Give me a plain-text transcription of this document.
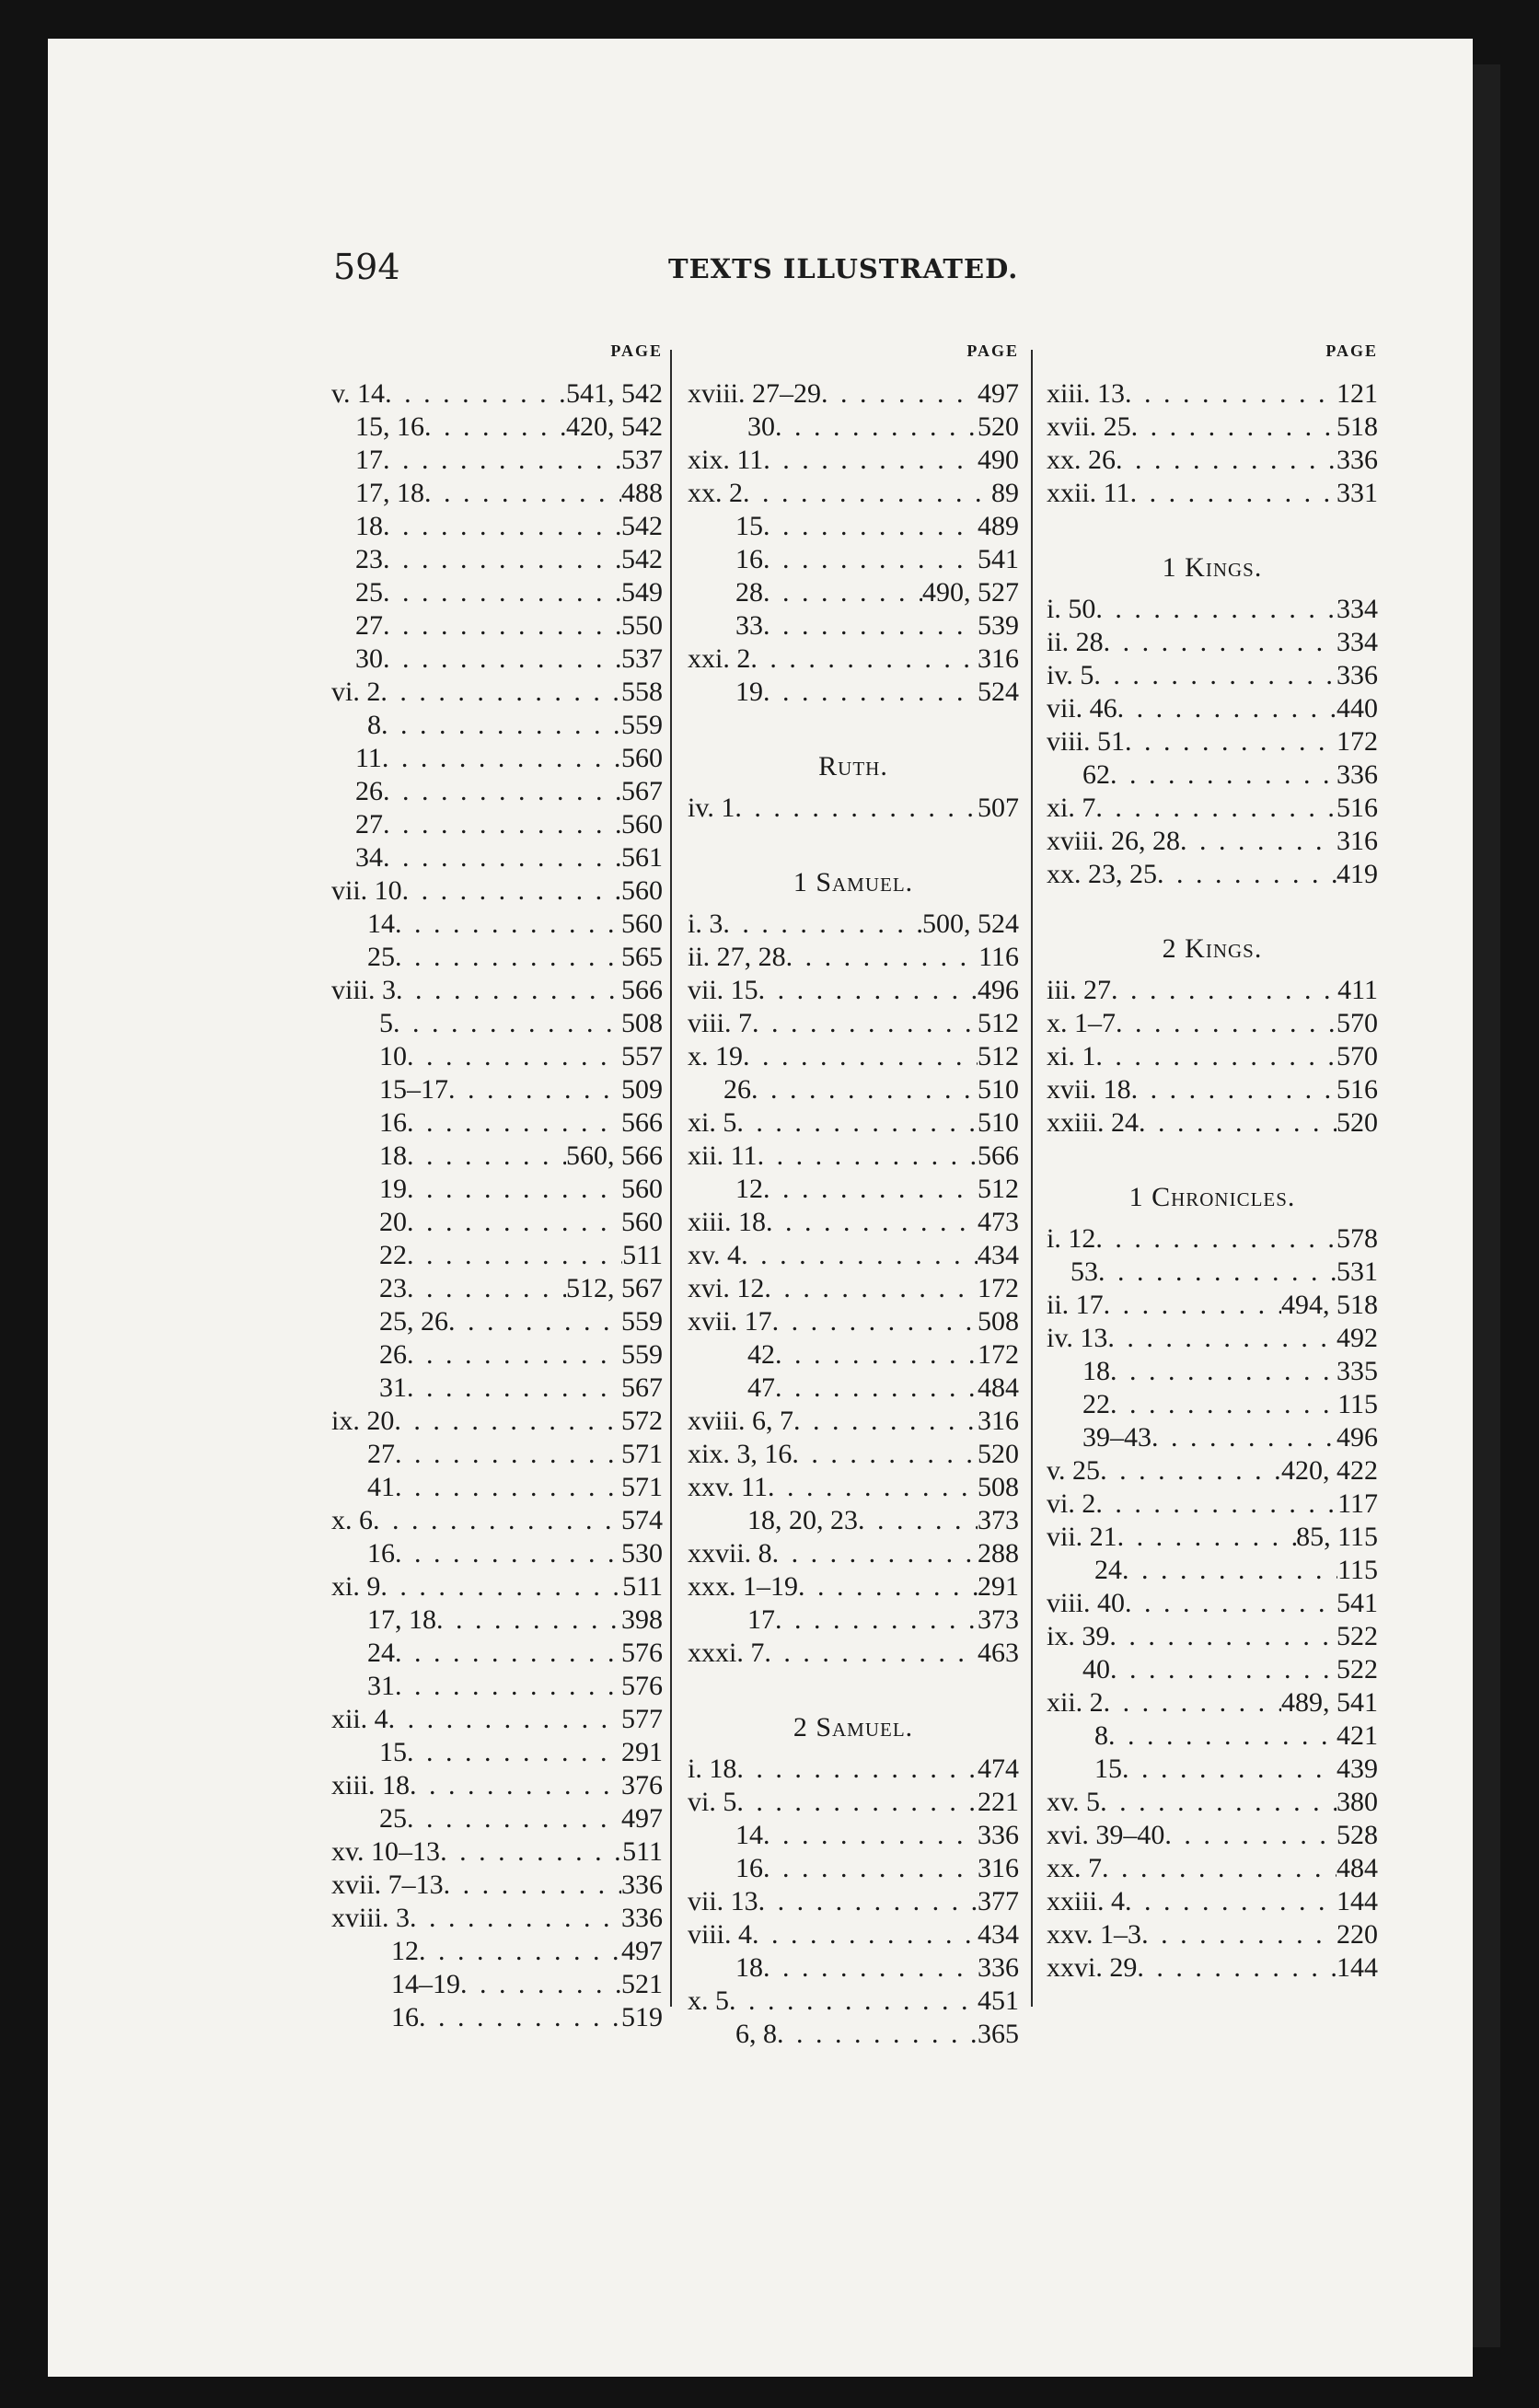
594	TEXTS ILLUSTRATED.
PAGE
v. 14 . . .	541, 542
15, 16 . . .	420, 542
17 . . .	537
17, 18 . . .	488
18 . . .	542
23 . . .	542
25 . . .	549
27 . . .	550
30 . . .	537
vi. 2 . . .	558
8 . . .	559
11 . . .	560
26 . . .	567
27 . . .	560
34 . . .	561
vii. 10 . . .	560
14 . . .	560
25 . . .	565
viii. 3 . . .	566
5 . . .	508
10 . . .	557
15–17 . . .	509
16 . . .	566
18 . . .	560, 566
19 . . .	560
20 . . .	560
22 . . .	511
23 . . .	512, 567
25, 26 . . .	559
26 . . .	559
31 . . .	567
ix. 20 . . .	572
27 . . .	571
41 . . .	571
x. 6 . . .	574
16 . . .	530
xi. 9 . . .	511
17, 18 . . .	398
24 . . .	576
31 . . .	576
xii. 4 . . .	577
15 . . .	291
xiii. 18 . . .	376
25 . . .	497
xv. 10–13 . . .	511
xvii. 7–13 . . .	336
xviii. 3 . . .	336
12 . . .	497
14–19 . . .	521
16 . . .	519
PAGE
xviii. 27–29 . . .	497
30 . . .	520
xix. 11 . . .	490
xx. 2 . . .	89
15 . . .	489
16 . . .	541
28 . . .	490, 527
33 . . .	539
xxi. 2 . . .	316
19 . . .	524
Ruth.
iv. 1 . . .	507
1 Samuel.
i. 3 . . .	500, 524
ii. 27, 28 . . .	116
vii. 15 . . .	496
viii. 7 . . .	512
x. 19 . . .	512
26 . . .	510
xi. 5 . . .	510
xii. 11 . . .	566
12 . . .	512
xiii. 18 . . .	473
xv. 4 . . .	434
xvi. 12 . . .	172
xvii. 17 . . .	508
42 . . .	172
47 . . .	484
xviii. 6, 7 . . .	316
xix. 3, 16 . . .	520
xxv. 11 . . .	508
18, 20, 23 . . .	373
xxvii. 8 . . .	288
xxx. 1–19 . . .	291
17 . . .	373
xxxi. 7 . . .	463
2 Samuel.
i. 18 . . .	474
vi. 5 . . .	221
14 . . .	336
16 . . .	316
vii. 13 . . .	377
viii. 4 . . .	434
18 . . .	336
x. 5 . . .	451
6, 8 . . .	365
PAGE
xiii. 13 . . .	121
xvii. 25 . . .	518
xx. 26 . . .	336
xxii. 11 . . .	331
1 Kings.
i. 50 . . .	334
ii. 28 . . .	334
iv. 5 . . .	336
vii. 46 . . .	440
viii. 51 . . .	172
62 . . .	336
xi. 7 . . .	516
xviii. 26, 28 . . .	316
xx. 23, 25 . . .	419
2 Kings.
iii. 27 . . .	411
x. 1–7 . . .	570
xi. 1 . . .	570
xvii. 18 . . .	516
xxiii. 24 . . .	520
1 Chronicles.
i. 12 . . .	578
53 . . .	531
ii. 17 . . .	494, 518
iv. 13 . . .	492
18 . . .	335
22 . . .	115
39–43 . . .	496
v. 25 . . .	420, 422
vi. 2 . . .	117
vii. 21 . . .	85, 115
24 . . .	115
viii. 40 . . .	541
ix. 39 . . .	522
40 . . .	522
xii. 2 . . .	489, 541
8 . . .	421
15 . . .	439
xv. 5 . . .	380
xvi. 39–40 . . .	528
xx. 7 . . .	484
xxiii. 4 . . .	144
xxv. 1–3 . . .	220
xxvi. 29 . . .	144
